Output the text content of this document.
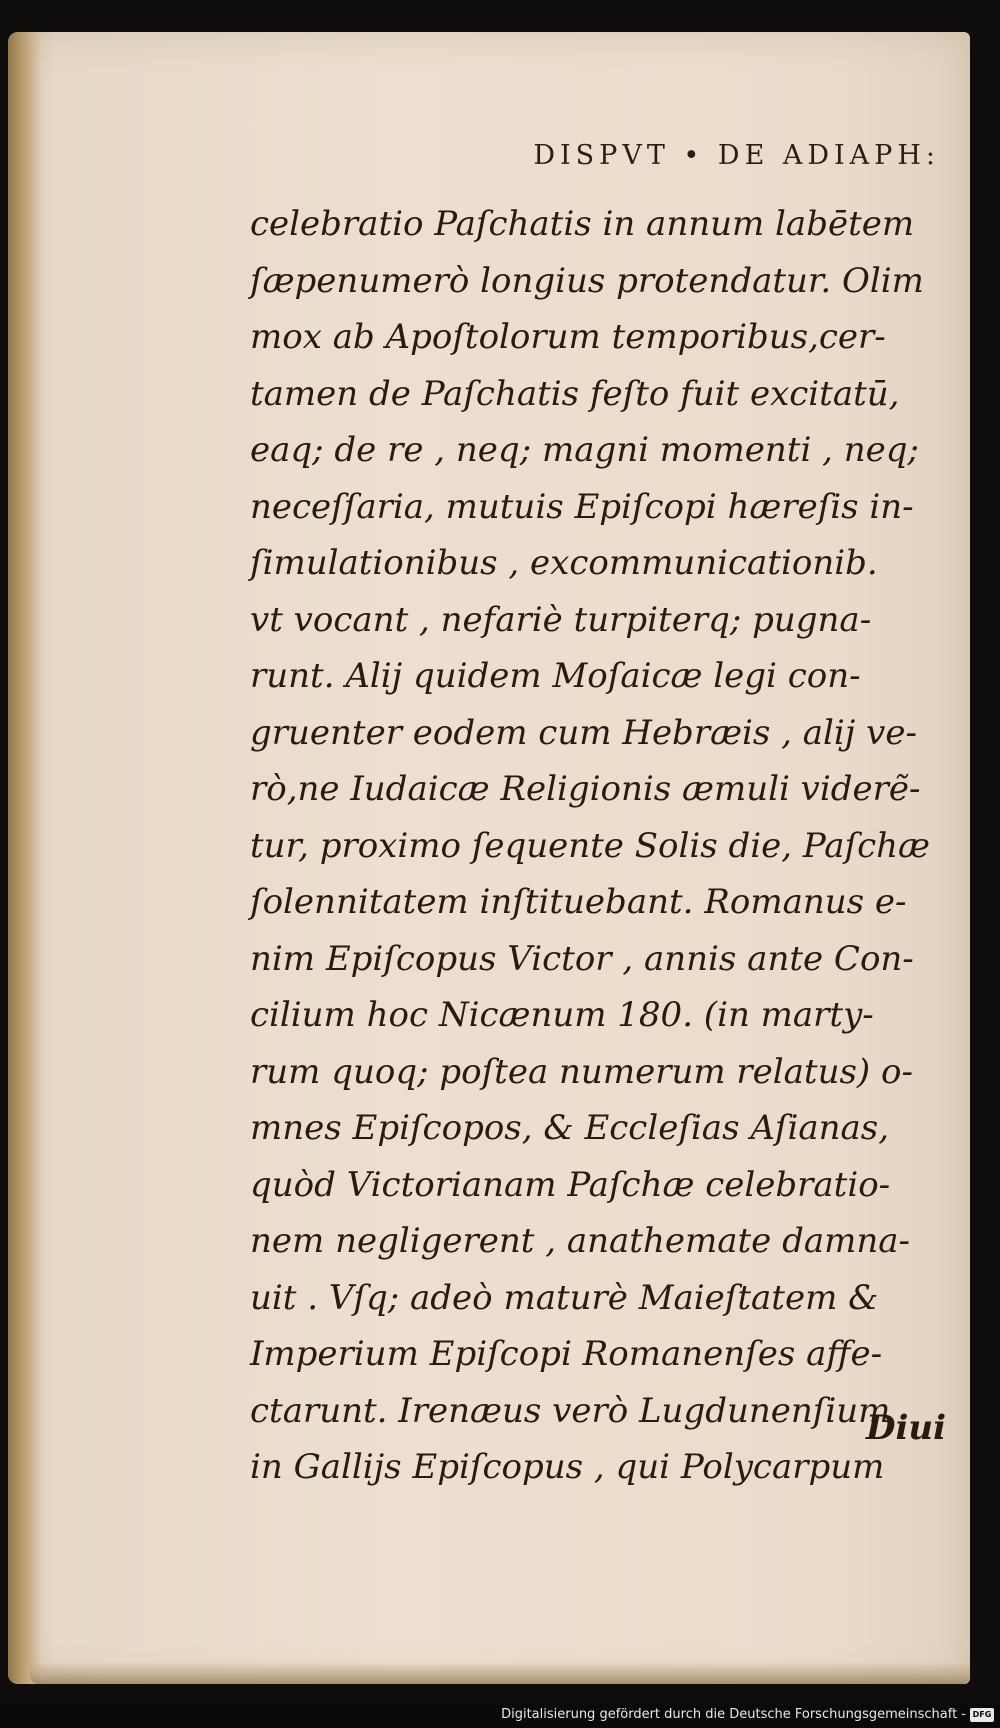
DISPVT • DE ADIAPH:
celebratio Paſchatis in annum labētem
ſæpenumerò longius protendatur. Olim
mox ab Apoſtolorum temporibus,cer-
tamen de Paſchatis feſto fuit excitatū,
eaq; de re , neq; magni momenti , neq;
neceſſaria, mutuis Epiſcopi hæreſis in-
ſimulationibus , excommunicationib.
vt vocant , nefariè turpiterq; pugna-
runt. Alij quidem Moſaicæ legi con-
gruenter eodem cum Hebræis , alij ve-
rò,ne Iudaicæ Religionis æmuli viderẽ-
tur, proximo ſequente Solis die, Paſchæ
ſolennitatem inſtituebant. Romanus e-
nim Epiſcopus Victor , annis ante Con-
cilium hoc Nicænum 180. (in marty-
rum quoq; poſtea numerum relatus) o-
mnes Epiſcopos, & Eccleſias Aſianas,
quòd Victorianam Paſchæ celebratio-
nem negligerent , anathemate damna-
uit . Vſq; adeò maturè Maieſtatem &
Imperium Epiſcopi Romanenſes affe-
ctarunt. Irenæus verò Lugdunenſium
in Gallijs Epiſcopus , qui Polycarpum
Diui
Digitalisierung gefördert durch die Deutsche Forschungsgemeinschaft - DFG
